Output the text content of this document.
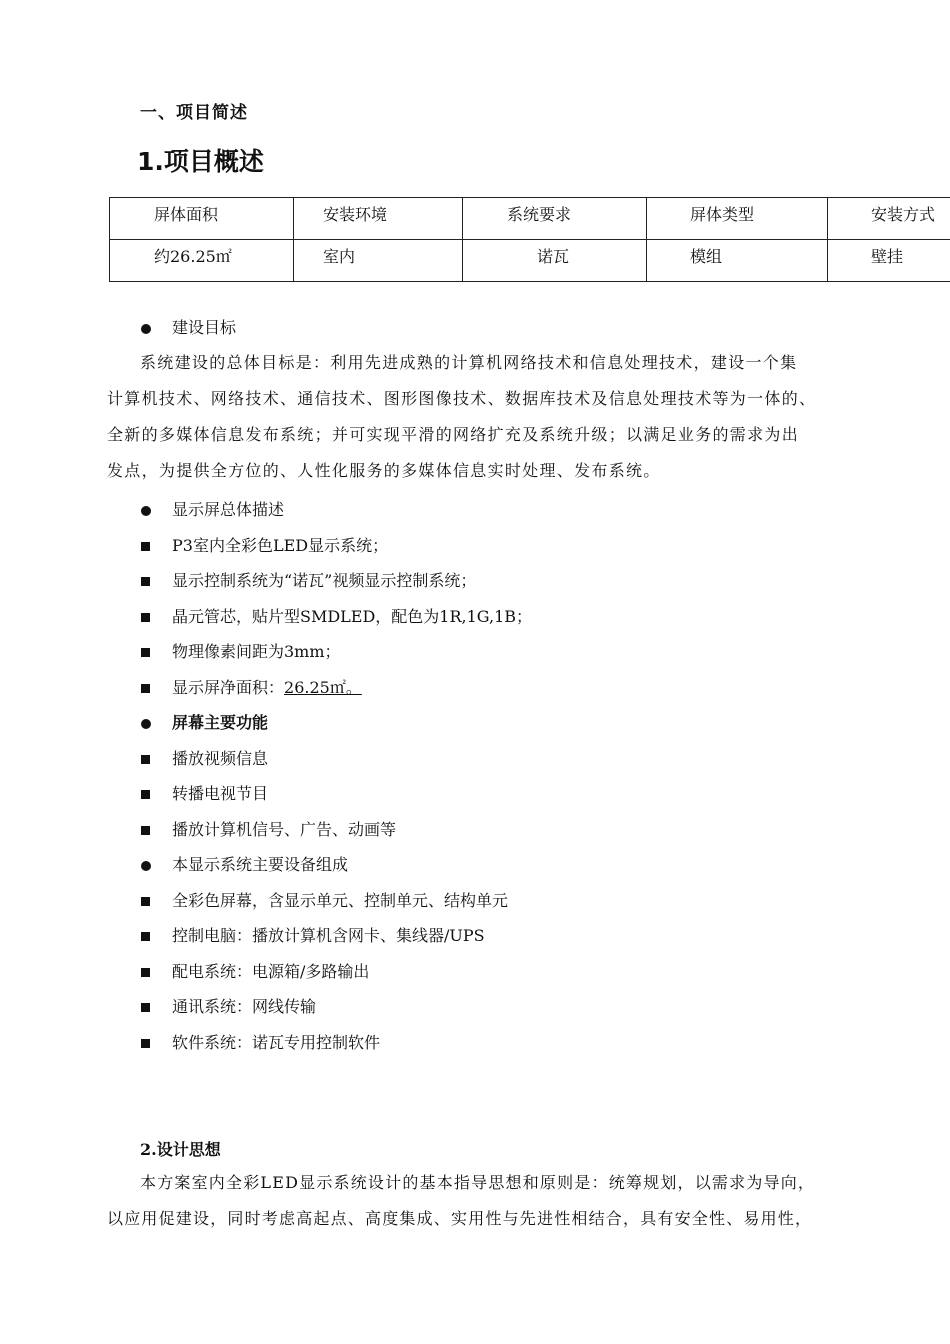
一、项目简述
1.项目概述
屏体面积	安装环境	系统要求	屏体类型	安装方式
约26.25㎡	室内	诺瓦	模组	壁挂
建设目标
系统建设的总体目标是：利用先进成熟的计算机网络技术和信息处理技术，建设一个集
计算机技术、网络技术、通信技术、图形图像技术、数据库技术及信息处理技术等为一体的、
全新的多媒体信息发布系统；并可实现平滑的网络扩充及系统升级；以满足业务的需求为出
发点，为提供全方位的、人性化服务的多媒体信息实时处理、发布系统。
显示屏总体描述
P3室内全彩色LED显示系统；
显示控制系统为“诺瓦”视频显示控制系统；
晶元管芯，贴片型SMDLED，配色为1R,1G,1B；
物理像素间距为3mm；
显示屏净面积：26.25㎡。
屏幕主要功能
播放视频信息
转播电视节目
播放计算机信号、广告、动画等
本显示系统主要设备组成
全彩色屏幕，含显示单元、控制单元、结构单元
控制电脑：播放计算机含网卡、集线器/UPS
配电系统：电源箱/多路输出
通讯系统：网线传输
软件系统：诺瓦专用控制软件
2.设计思想
本方案室内全彩LED显示系统设计的基本指导思想和原则是：统筹规划，以需求为导向，
以应用促建设，同时考虑高起点、高度集成、实用性与先进性相结合，具有安全性、易用性，
